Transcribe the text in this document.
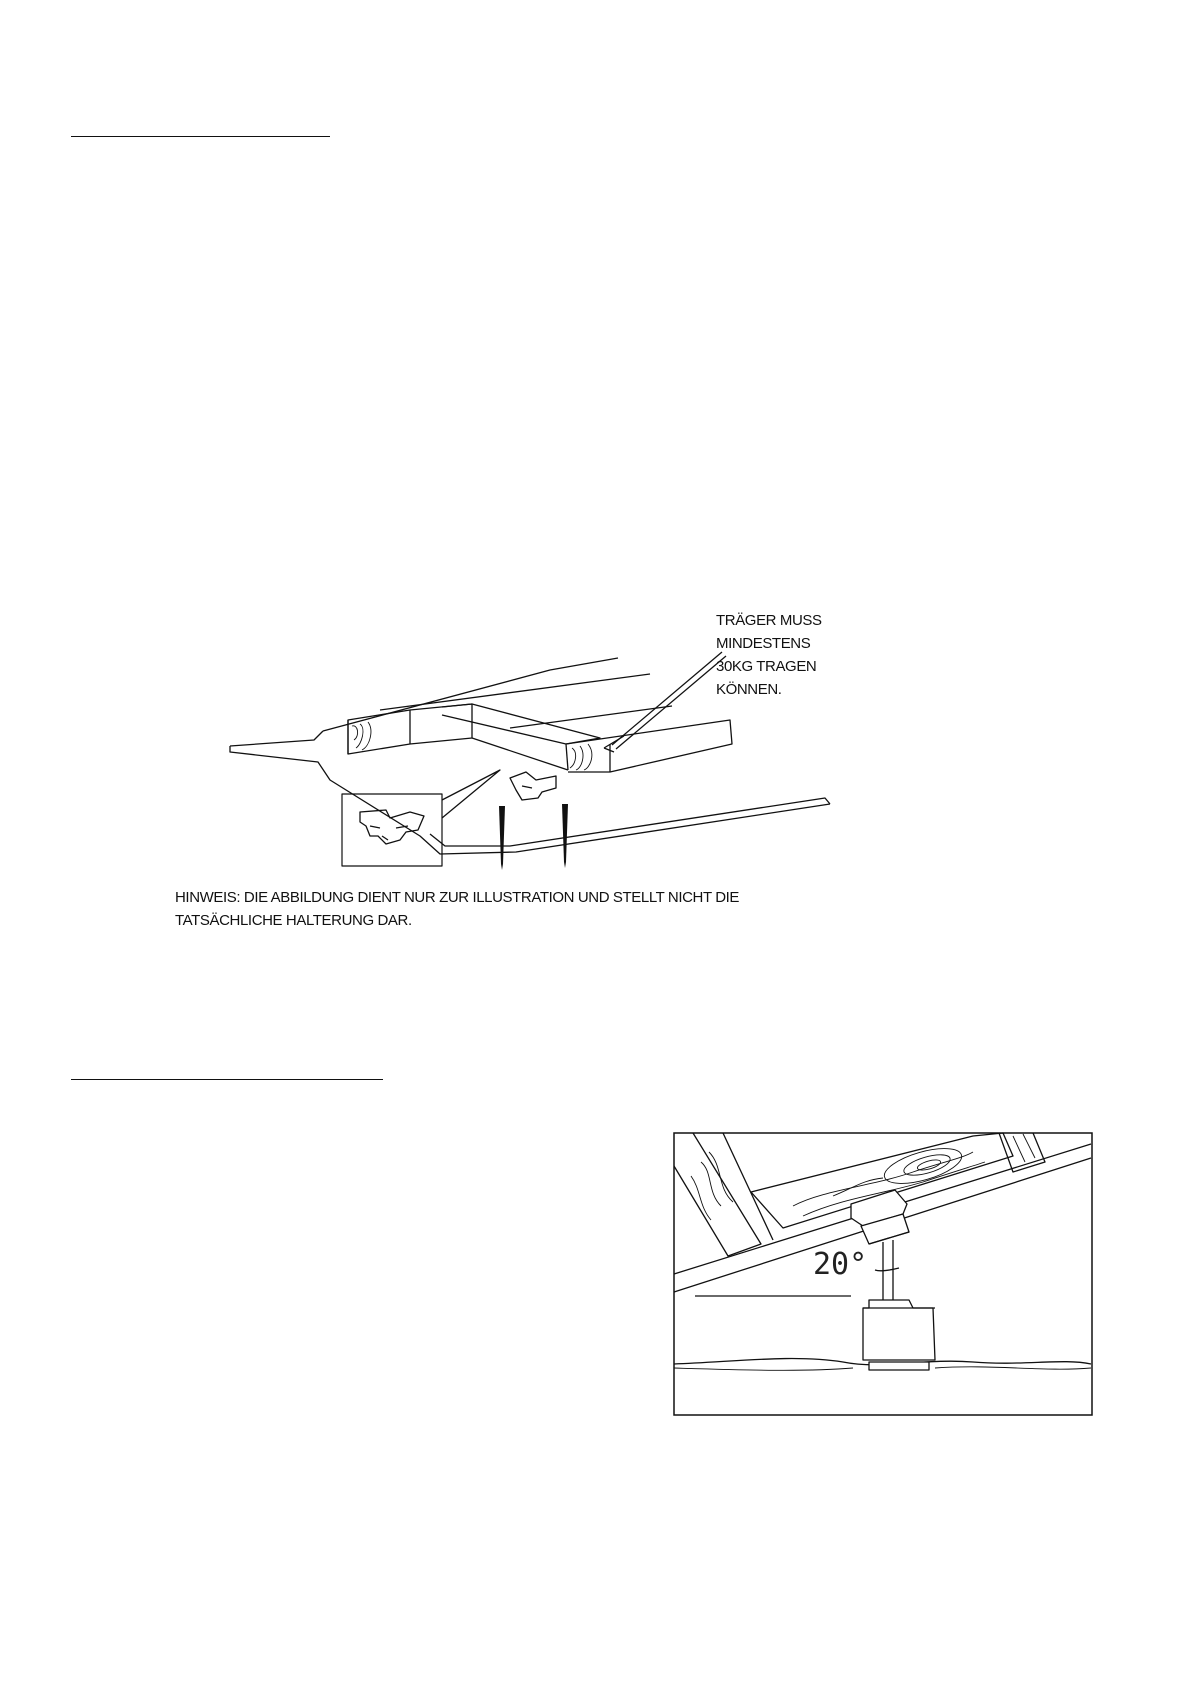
TRÄGER MUSS
MINDESTENS
30KG TRAGEN
KÖNNEN.
HINWEIS: DIE ABBILDUNG DIENT NUR ZUR ILLUSTRATION UND STELLT NICHT DIE
TATSÄCHLICHE HALTERUNG DAR.
20°
